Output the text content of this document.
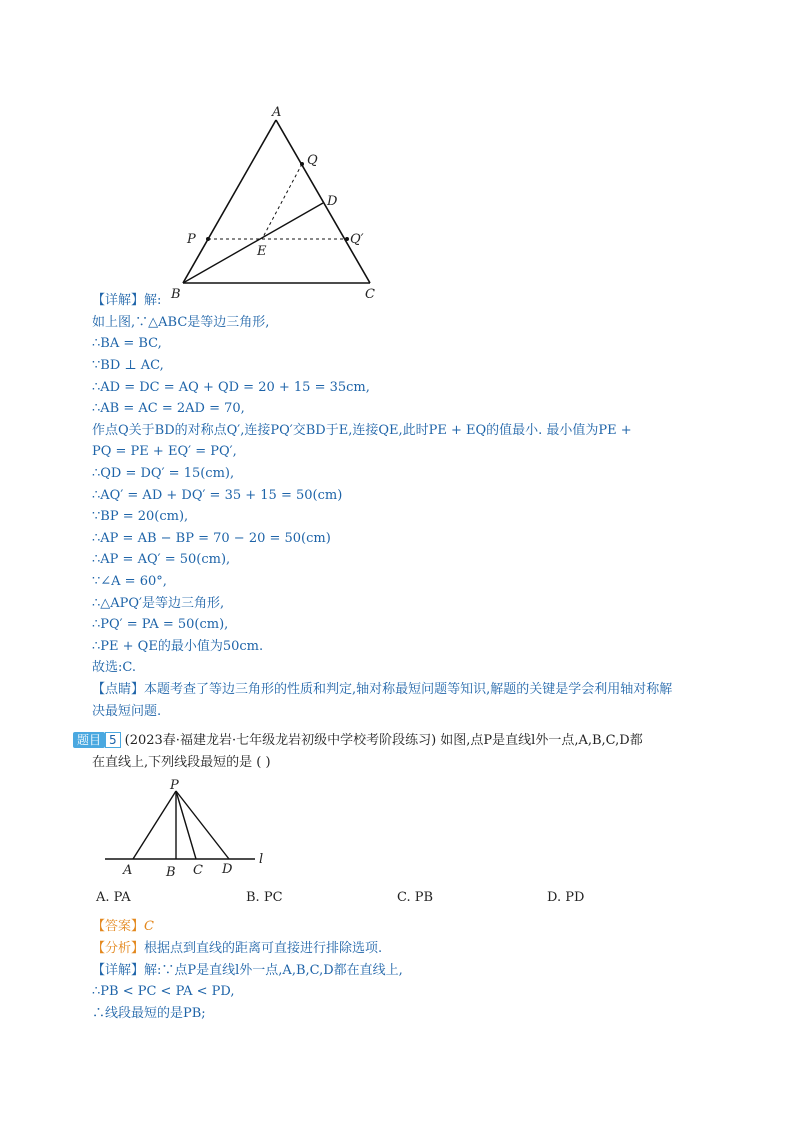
A
Q
D
P
E
Q′
B	C
【详解】解:
如上图,∵△ABC是等边三角形,
∴BA = BC,
∵BD ⊥ AC,
∴AD = DC = AQ + QD = 20 + 15 = 35cm,
∴AB = AC = 2AD = 70,
作点Q关于BD的对称点Q′,连接PQ′交BD于E,连接QE,此时PE + EQ的值最小. 最小值为PE +
PQ = PE + EQ′ = PQ′,
∴QD = DQ′ = 15(cm),
∴AQ′ = AD + DQ′ = 35 + 15 = 50(cm)
∵BP = 20(cm),
∴AP = AB − BP = 70 − 20 = 50(cm)
∴AP = AQ′ = 50(cm),
∵∠A = 60°,
∴△APQ′是等边三角形,
∴PQ′ = PA = 50(cm),
∴PE + QE的最小值为50cm.
故选:C.
【点睛】本题考查了等边三角形的性质和判定,轴对称最短问题等知识,解题的关键是学会利用轴对称解
决最短问题.
题目 5 (2023春·福建龙岩·七年级龙岩初级中学校考阶段练习) 如图,点P是直线l外一点,A,B,C,D都
在直线上,下列线段最短的是 ( )
P
A	B C D
l
A. PA	B. PC	C. PB	D. PD
【答案】C
【分析】根据点到直线的距离可直接进行排除选项.
【详解】解:∵点P是直线l外一点,A,B,C,D都在直线上,
∴PB < PC < PA < PD,
∴线段最短的是PB;
